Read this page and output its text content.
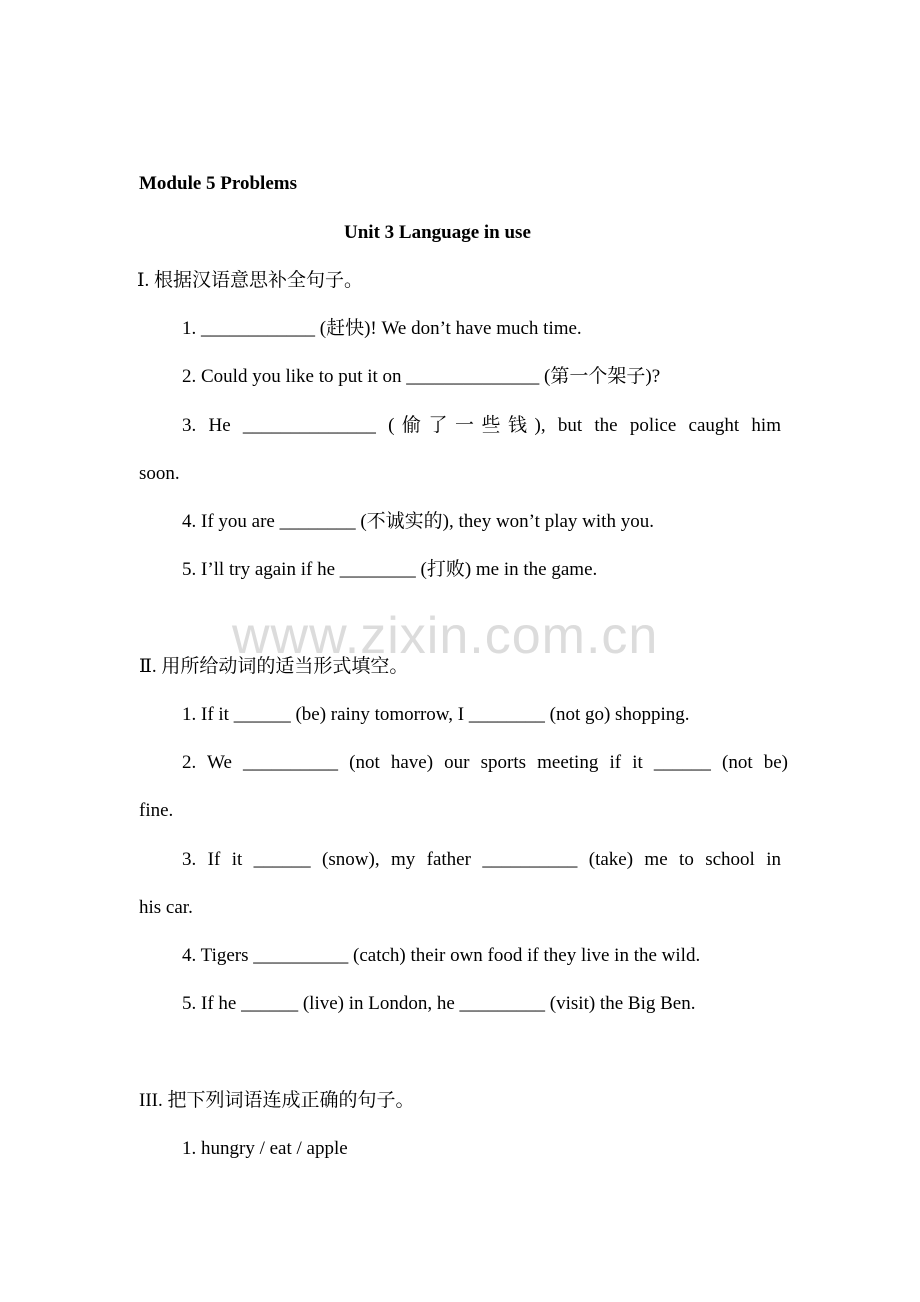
Module 5 Problems
Unit 3 Language in use
Ⅰ. 根据汉语意思补全句子。
1. ____________ (赶快)! We don’t have much time.
2. Could you like to put it on ______________ (第一个架子)?
3. He ______________ (偷了一些钱), but the police caught him
soon.
4. If you are ________ (不诚实的), they won’t play with you.
5. I’ll try again if he ________ (打败) me in the game.
www.zixin.com.cn
Ⅱ. 用所给动词的适当形式填空。
1. If it ______ (be) rainy tomorrow, I ________ (not go) shopping.
2. We __________ (not have) our sports meeting if it ______ (not be)
fine.
3. If it ______ (snow), my father __________ (take) me to school in
his car.
4. Tigers __________ (catch) their own food if they live in the wild.
5. If he ______ (live) in London, he _________ (visit) the Big Ben.
III. 把下列词语连成正确的句子。
1. hungry / eat / apple
